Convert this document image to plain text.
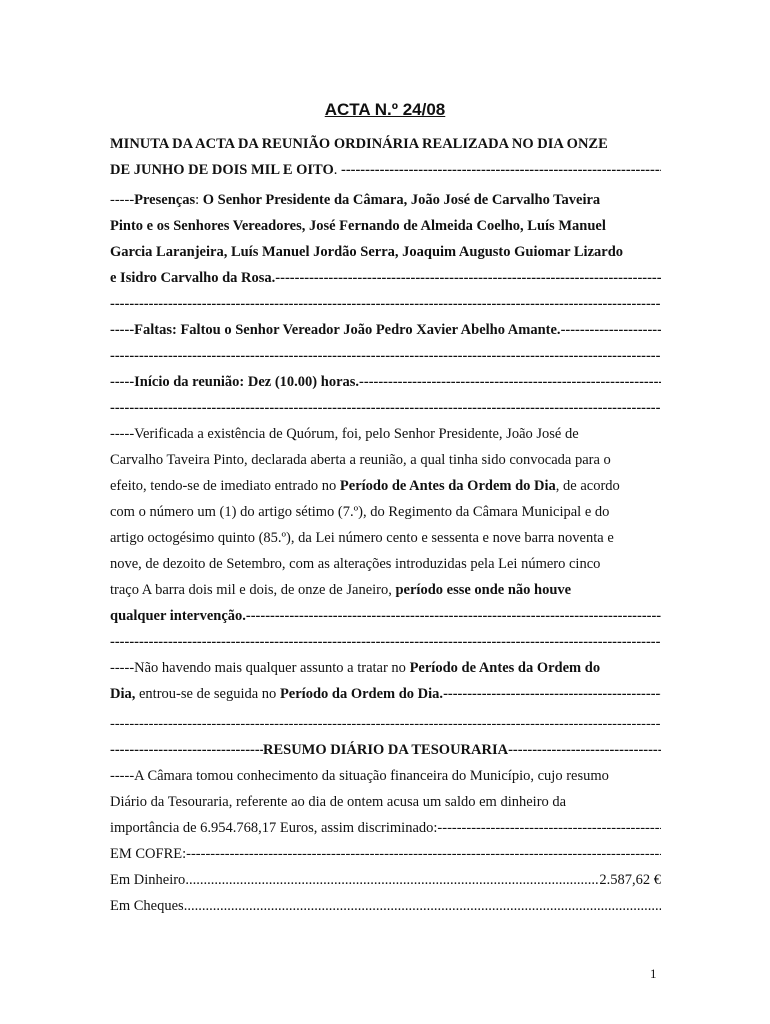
ACTA N.º 24/08
MINUTA DA ACTA DA REUNIÃO ORDINÁRIA REALIZADA NO DIA ONZE
DE JUNHO DE DOIS MIL E OITO .
-----
----- Presenças : O Senhor Presidente da Câmara, João José de Carvalho Taveira
Pinto e os Senhores Vereadores, José Fernando de Almeida Coelho, Luís Manuel
Garcia Laranjeira, Luís Manuel Jordão Serra, Joaquim Augusto Guiomar Lizardo
e Isidro Carvalho da Rosa.
-----
-----
-----Faltas: Faltou o Senhor Vereador João Pedro Xavier Abelho Amante.
-----
-----
-----Início da reunião: Dez (10.00) horas.
-----
-----
-----Verificada a existência de Quórum, foi, pelo Senhor Presidente, João José de
Carvalho Taveira Pinto, declarada aberta a reunião, a qual tinha sido convocada para o
efeito, tendo-se de imediato entrado no
Período de Antes da Ordem do Dia , de acordo
com o número um (1) do artigo sétimo (7.º), do Regimento da Câmara Municipal e do
artigo octogésimo quinto (85.º), da Lei número cento e sessenta e nove barra noventa e
nove, de dezoito de Setembro, com as alterações introduzidas pela Lei número cinco
traço A barra dois mil e dois, de onze de Janeiro,
período esse onde não houve
qualquer intervenção.
-----
-----
-----Não havendo mais qualquer assunto a tratar no
Período de Antes da Ordem do
Dia,
entrou-se de seguida no
Período da Ordem do Dia.
-----
-----
-----
RESUMO DIÁRIO DA TESOURARIA
-----
-----A Câmara tomou conhecimento da situação financeira do Município, cujo resumo
Diário da Tesouraria, referente ao dia de ontem acusa um saldo em dinheiro da
importância de 6.954.768,17 Euros, assim discriminado:
-----
EM COFRE:
-----
Em Dinheiro
.....	2.587,62 €
Em Cheques
.....
1
